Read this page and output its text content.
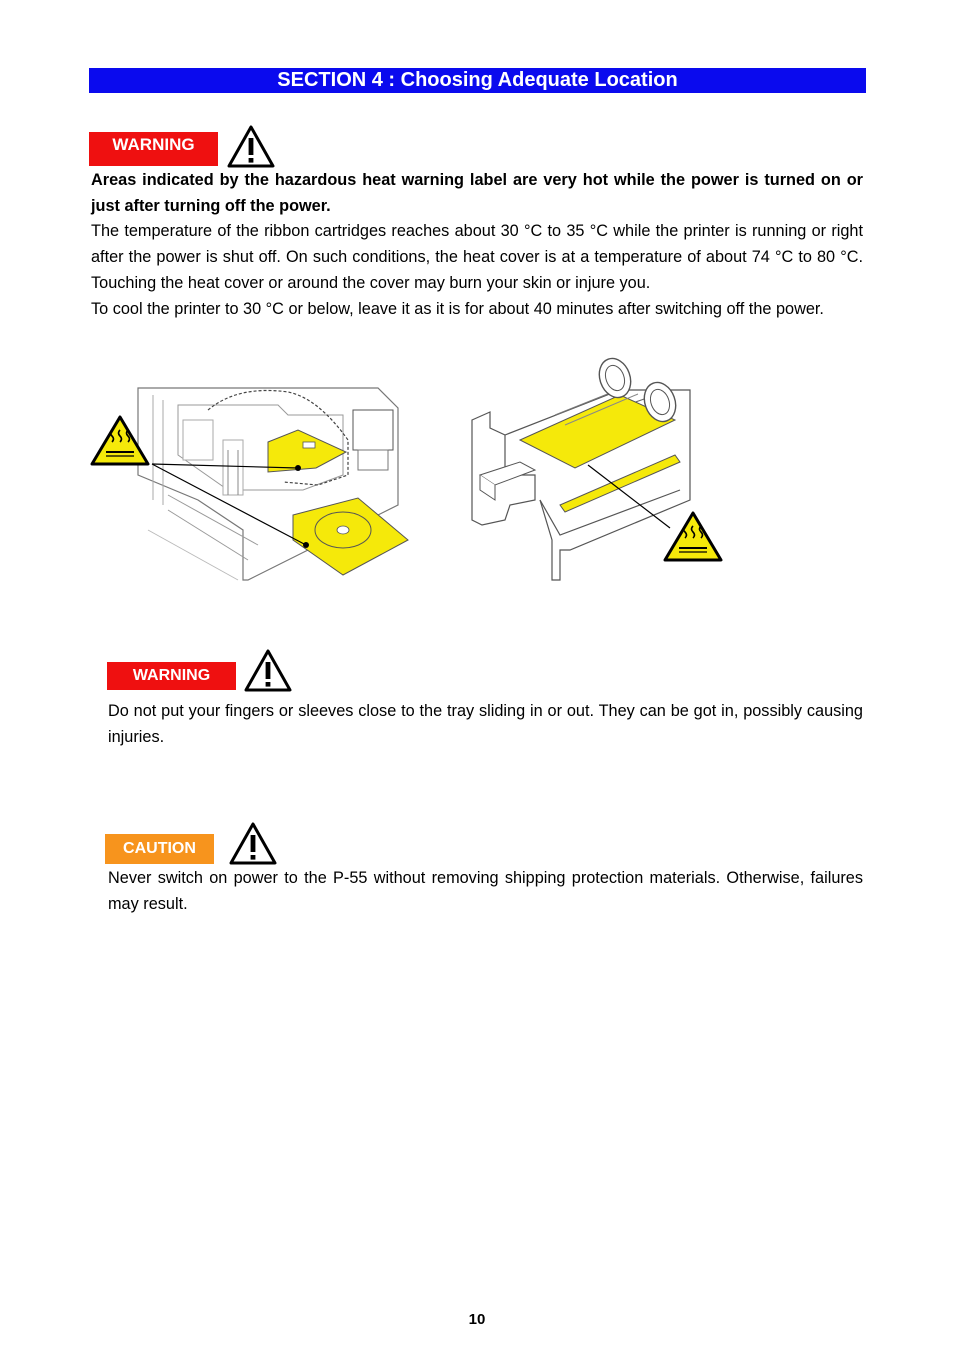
SECTION 4 : Choosing Adequate Location
WARNING

Areas indicated by the hazardous heat warning label are very hot while the power is turned on or just after turning off the power.

The temperature of the ribbon cartridges reaches about 30 °C to 35 °C while the printer is running or right after the power is shut off. On such conditions, the heat cover is at a temperature of about 74 °C to 80 °C. Touching the heat cover or around the cover may burn your skin or injure you.

To cool the printer to 30 °C or below, leave it as it is for about 40 minutes after switching off the power.

WARNING
Do not put your fingers or sleeves close to the tray sliding in or out. They can be got in, possibly causing injuries.
CAUTION
Never switch on power to the P-55 without removing shipping protection materials. Otherwise, failures may result.
10
